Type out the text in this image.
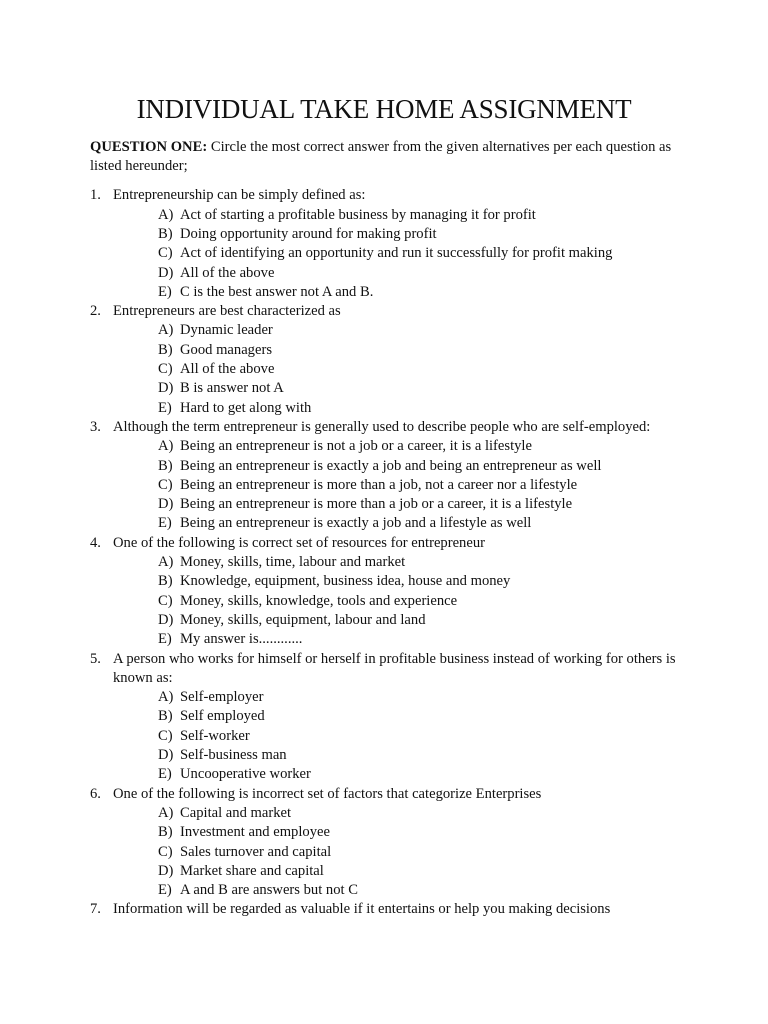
INDIVIDUAL TAKE HOME ASSIGNMENT
QUESTION ONE: Circle the most correct answer from the given alternatives per each question as listed hereunder;
1. Entrepreneurship can be simply defined as:
A) Act of starting a profitable business by managing it for profit
B) Doing opportunity around for making profit
C) Act of identifying an opportunity and run it successfully for profit making
D) All of the above
E) C is the best answer not A and B.
2. Entrepreneurs are best characterized as
A) Dynamic leader
B) Good managers
C) All of the above
D) B is answer not A
E) Hard to get along with
3. Although the term entrepreneur is generally used to describe people who are self-employed:
A) Being an entrepreneur is not a job or a career, it is a lifestyle
B) Being an entrepreneur is exactly a job and being an entrepreneur as well
C) Being an entrepreneur is more than a job, not a career nor a lifestyle
D) Being an entrepreneur is more than a job or a career, it is a lifestyle
E) Being an entrepreneur is exactly a job and a lifestyle as well
4. One of the following is correct set of resources for entrepreneur
A) Money, skills, time, labour and market
B) Knowledge, equipment, business idea, house and money
C) Money, skills, knowledge, tools and experience
D) Money, skills, equipment, labour and land
E) My answer is............
5. A person who works for himself or herself in profitable business instead of working for others is known as:
A) Self-employer
B) Self employed
C) Self-worker
D) Self-business man
E) Uncooperative worker
6. One of the following is incorrect set of factors that categorize Enterprises
A) Capital and market
B) Investment and employee
C) Sales turnover and capital
D) Market share and capital
E) A and B are answers but not C
7. Information will be regarded as valuable if it entertains or help you making decisions
